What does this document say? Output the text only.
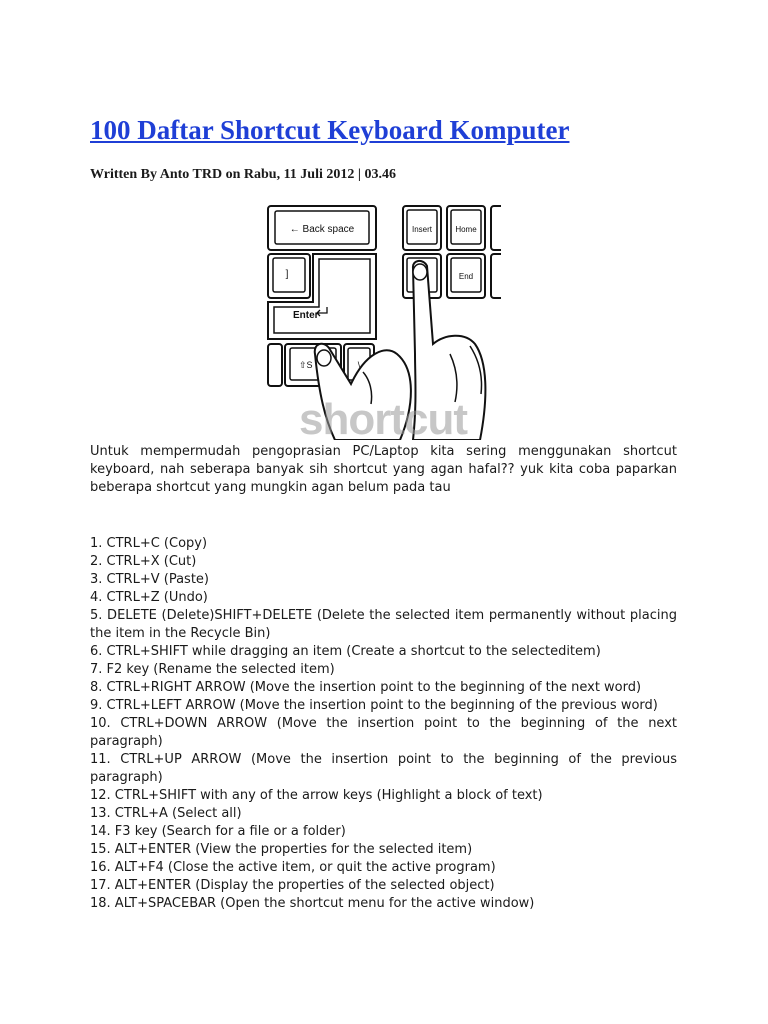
100 Daftar Shortcut Keyboard Komputer

Written By Anto TRD on Rabu, 11 Juli 2012 | 03.46

← Back space	Insert	Home
]
Enter
End
⇧S	\
shortcut

Untuk mempermudah pengoprasian PC/Laptop kita sering menggunakan shortcut keyboard, nah seberapa banyak sih shortcut yang agan hafal?? yuk kita coba paparkan beberapa shortcut yang mungkin agan belum pada tau

1. CTRL+C (Copy)
2. CTRL+X (Cut)
3. CTRL+V (Paste)
4. CTRL+Z (Undo)
5. DELETE (Delete)SHIFT+DELETE (Delete the selected item permanently without placing the item in the Recycle Bin)
6. CTRL+SHIFT while dragging an item (Create a shortcut to the selecteditem)
7. F2 key (Rename the selected item)
8. CTRL+RIGHT ARROW (Move the insertion point to the beginning of the next word)
9. CTRL+LEFT ARROW (Move the insertion point to the beginning of the previous word)
10. CTRL+DOWN ARROW (Move the insertion point to the beginning of the next paragraph)
11. CTRL+UP ARROW (Move the insertion point to the beginning of the previous paragraph)
12. CTRL+SHIFT with any of the arrow keys (Highlight a block of text)
13. CTRL+A (Select all)
14. F3 key (Search for a file or a folder)
15. ALT+ENTER (View the properties for the selected item)
16. ALT+F4 (Close the active item, or quit the active program)
17. ALT+ENTER (Display the properties of the selected object)
18. ALT+SPACEBAR (Open the shortcut menu for the active window)
